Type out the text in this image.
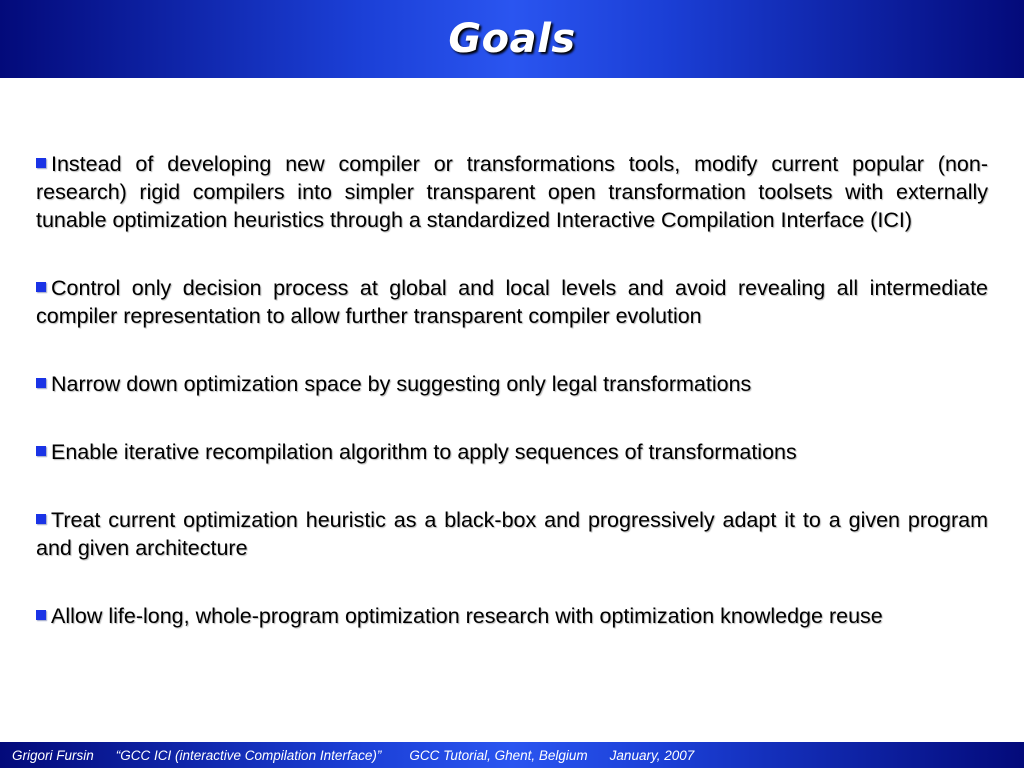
Goals

Instead of developing new compiler or transformations tools, modify current popular (non-research) rigid compilers into simpler transparent open transformation toolsets with externally tunable optimization heuristics through a standardized Interactive Compilation Interface (ICI)

Control only decision process at global and local levels and avoid revealing all intermediate compiler representation to allow further transparent compiler evolution

Narrow down optimization space by suggesting only legal transformations

Enable iterative recompilation algorithm to apply sequences of transformations

Treat current optimization heuristic as a black-box and progressively adapt it to a given program and given architecture

Allow life-long, whole-program optimization research with optimization knowledge reuse

Grigori Fursin	“GCC ICI (interactive Compilation Interface)”	GCC Tutorial, Ghent, Belgium	January, 2007
